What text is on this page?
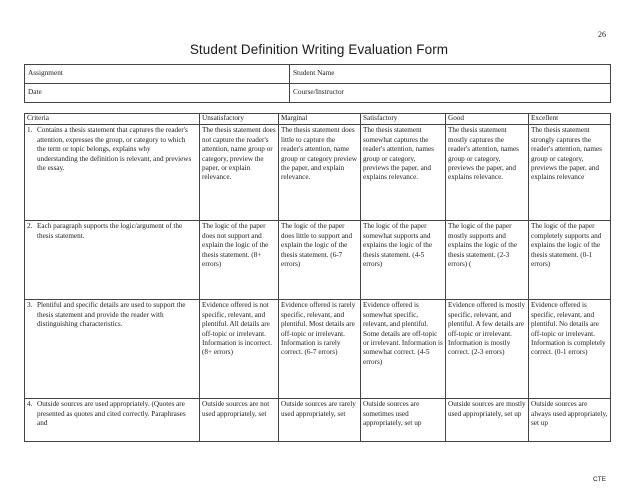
26
Student Definition Writing Evaluation Form
Assignment	Student Name
Date	Course/Instructor
Criteria	Unsatisfactory	Marginal	Satisfactory	Good	Excellent

1. Contains a thesis statement that captures the reader's attention, expresses the group, or category to which the term or topic belongs, explains why understanding the definition is relevant, and previews the essay.	The thesis statement does not capture the reader's attention, name group or category, preview the paper, or explain relevance.	The thesis statement does little to capture the reader's attention, name group or category preview the paper, and explain relevance.	The thesis statement somewhat captures the reader's attention, names group or category, previews the paper, and explains relevance.	The thesis statement mostly captures the reader's attention, names group or category, previews the paper, and explains relevance.	The thesis statement strongly captures the reader's attention, names group or category, previews the paper, and explains relevance

2. Each paragraph supports the logic/argument of the thesis statement.	The logic of the paper does not support and explain the logic of the thesis statement. (8+ errors)	The logic of the paper does little to support and explain the logic of the thesis statement. (6-7 errors)	The logic of the paper somewhat supports and explains the logic of the thesis statement. (4-5 errors)	The logic of the paper mostly supports and explains the logic of the thesis statement. (2-3 errors) (	The logic of the paper completely supports and explains the logic of the thesis statement. (0-1 errors)

3. Plentiful and specific details are used to support the thesis statement and provide the reader with distinguishing characteristics.	Evidence offered is not specific, relevant, and plentiful. All details are off-topic or irrelevant. Information is incorrect. (8+ errors)	Evidence offered is rarely specific, relevant, and plentiful. Most details are off-topic or irrelevant. Information is rarely correct. (6-7 errors)	Evidence offered is somewhat specific, relevant, and plentiful. Some details are off-topic or irrelevant. Information is somewhat correct. (4-5 errors)	Evidence offered is mostly specific, relevant, and plentiful. A few details are off-topic or irrelevant. Information is mostly correct. (2-3 errors)	Evidence offered is specific, relevant, and plentiful. No details are off-topic or irrelevant. Information is completely correct. (0-1 errors)

4. Outside sources are used appropriately. (Quotes are presented as quotes and cited correctly. Paraphrases and	Outside sources are not used appropriately, set	Outside sources are rarely used appropriately, set	Outside sources are sometimes used appropriately, set up	Outside sources are mostly used appropriately, set up	Outside sources are always used appropriately, set up
CTE
